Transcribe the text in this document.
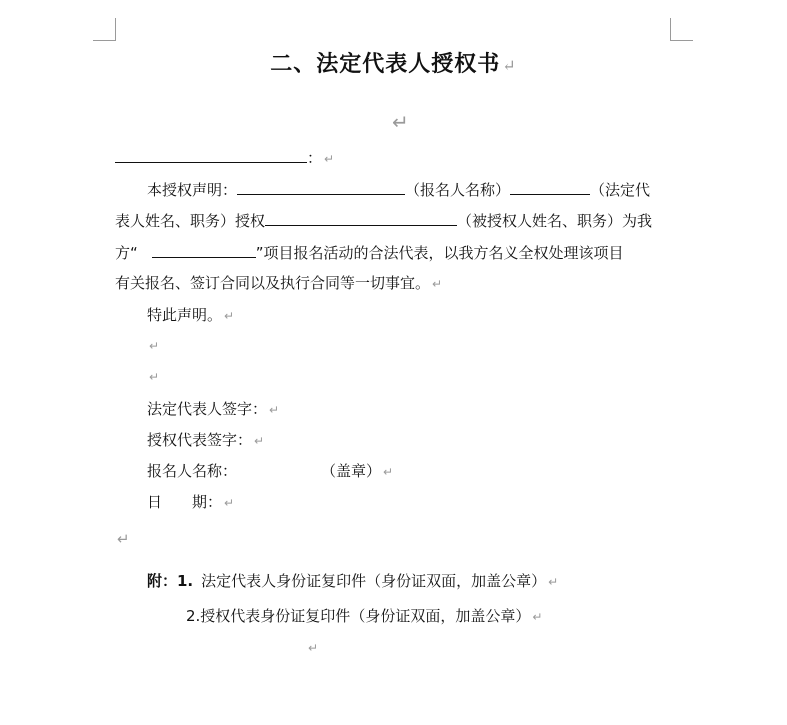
二、法定代表人授权书 ↵
↵
： ↵
本授权声明：	（报名人名称）	（法定代
表人姓名、职务）授权	（被授权人姓名、职务）为我
方“	”项目报名活动的合法代表，以我方名义全权处理该项目
有关报名、签订合同以及执行合同等一切事宜。 ↵
特此声明。 ↵
↵
↵
法定代表人签字： ↵
授权代表签字： ↵
报名人名称：	（盖章） ↵
日　　期： ↵
↵
附：1. 法定代表人身份证复印件（身份证双面，加盖公章） ↵
2.授权代表身份证复印件（身份证双面，加盖公章） ↵
↵
